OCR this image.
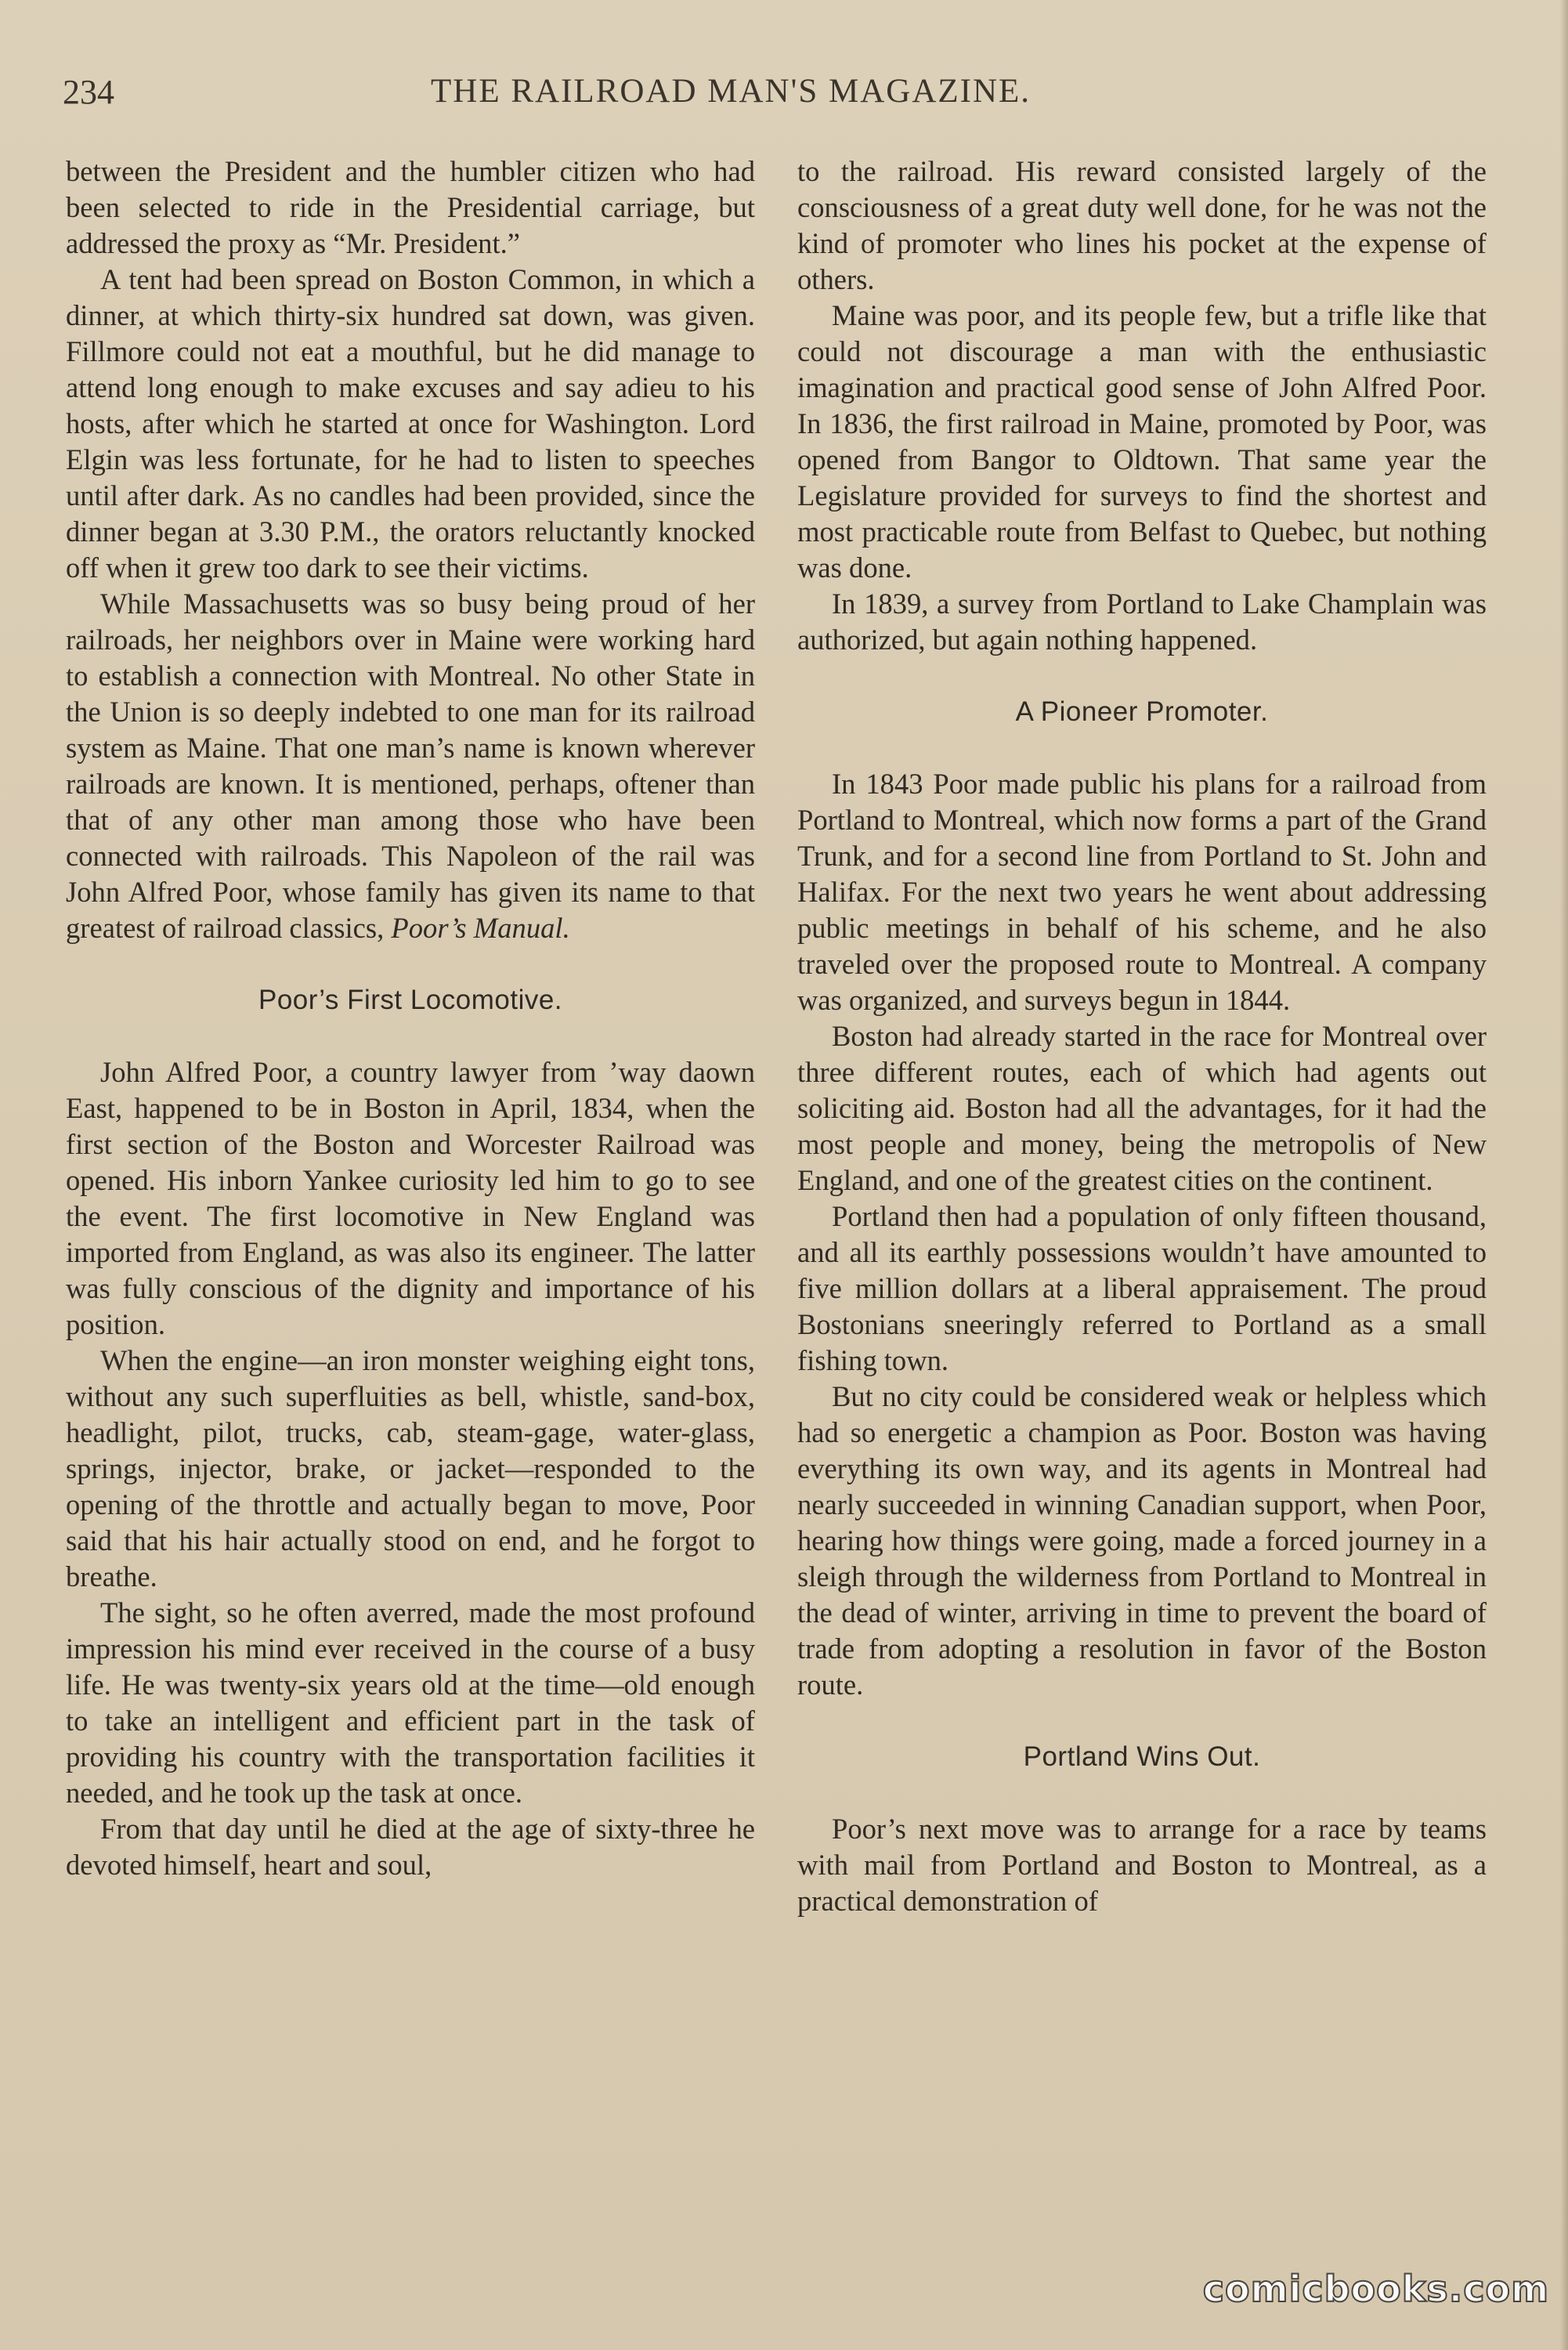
234	THE RAILROAD MAN'S MAGAZINE.

between the President and the humbler citizen who had been selected to ride in the Presidential carriage, but addressed the proxy as “Mr. President.”

A tent had been spread on Boston Common, in which a dinner, at which thirty-six hundred sat down, was given. Fillmore could not eat a mouthful, but he did manage to attend long enough to make excuses and say adieu to his hosts, after which he started at once for Washington. Lord Elgin was less fortunate, for he had to listen to speeches until after dark. As no candles had been provided, since the dinner began at 3.30 P.M., the orators reluctantly knocked off when it grew too dark to see their victims.

While Massachusetts was so busy being proud of her railroads, her neighbors over in Maine were working hard to establish a connection with Montreal. No other State in the Union is so deeply indebted to one man for its railroad system as Maine. That one man’s name is known wherever railroads are known. It is mentioned, perhaps, oftener than that of any other man among those who have been connected with railroads. This Napoleon of the rail was John Alfred Poor, whose family has given its name to that greatest of railroad classics, Poor’s Manual.

Poor’s First Locomotive.

John Alfred Poor, a country lawyer from ’way daown East, happened to be in Boston in April, 1834, when the first section of the Boston and Worcester Railroad was opened. His inborn Yankee curiosity led him to go to see the event. The first locomotive in New England was imported from England, as was also its engineer. The latter was fully conscious of the dignity and importance of his position.

When the engine—an iron monster weighing eight tons, without any such superfluities as bell, whistle, sand-box, headlight, pilot, trucks, cab, steam-gage, water-glass, springs, injector, brake, or jacket—responded to the opening of the throttle and actually began to move, Poor said that his hair actually stood on end, and he forgot to breathe.

The sight, so he often averred, made the most profound impression his mind ever received in the course of a busy life. He was twenty-six years old at the time—old enough to take an intelligent and efficient part in the task of providing his country with the transportation facilities it needed, and he took up the task at once.

From that day until he died at the age of sixty-three he devoted himself, heart and soul,

to the railroad. His reward consisted largely of the consciousness of a great duty well done, for he was not the kind of promoter who lines his pocket at the expense of others.

Maine was poor, and its people few, but a trifle like that could not discourage a man with the enthusiastic imagination and practical good sense of John Alfred Poor. In 1836, the first railroad in Maine, promoted by Poor, was opened from Bangor to Oldtown. That same year the Legislature provided for surveys to find the shortest and most practicable route from Belfast to Quebec, but nothing was done.

In 1839, a survey from Portland to Lake Champlain was authorized, but again nothing happened.

A Pioneer Promoter.

In 1843 Poor made public his plans for a railroad from Portland to Montreal, which now forms a part of the Grand Trunk, and for a second line from Portland to St. John and Halifax. For the next two years he went about addressing public meetings in behalf of his scheme, and he also traveled over the proposed route to Montreal. A company was organized, and surveys begun in 1844.

Boston had already started in the race for Montreal over three different routes, each of which had agents out soliciting aid. Boston had all the advantages, for it had the most people and money, being the metropolis of New England, and one of the greatest cities on the continent.

Portland then had a population of only fifteen thousand, and all its earthly possessions wouldn’t have amounted to five million dollars at a liberal appraisement. The proud Bostonians sneeringly referred to Portland as a small fishing town.

But no city could be considered weak or helpless which had so energetic a champion as Poor. Boston was having everything its own way, and its agents in Montreal had nearly succeeded in winning Canadian support, when Poor, hearing how things were going, made a forced journey in a sleigh through the wilderness from Portland to Montreal in the dead of winter, arriving in time to prevent the board of trade from adopting a resolution in favor of the Boston route.

Portland Wins Out.

Poor’s next move was to arrange for a race by teams with mail from Portland and Boston to Montreal, as a practical demonstration of

comicbooks.com
